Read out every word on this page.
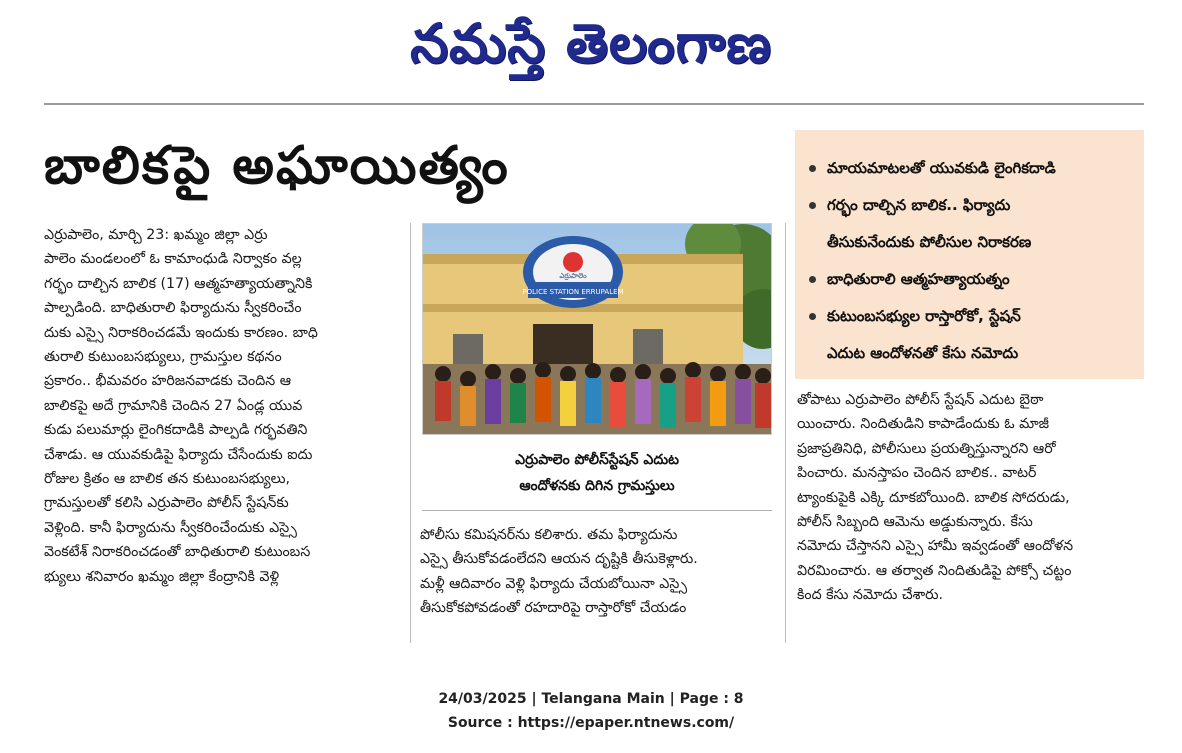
నమస్తే తెలంగాణ
బాలికపై అఘాయిత్యం	మాయమాటలతో యువకుడి లైంగికదాడి
గర్భం దాల్చిన బాలిక.. ఫిర్యాదు
తీసుకునేందుకు పోలీసుల నిరాకరణ
బాధితురాలి ఆత్మహత్యాయత్నం
కుటుంబసభ్యుల రాస్తారోకో, స్టేషన్
ఎదుట ఆందోళనతో కేసు నమోదు

ఎర్రుపాలెం, మార్చి 23: ఖమ్మం జిల్లా ఎర్రు

పాలెం మండలంలో ఓ కామాంధుడి నిర్వాకం వల్ల

గర్భం దాల్చిన బాలిక (17) ఆత్మహత్యాయత్నానికి

పాల్పడింది. బాధితురాలి ఫిర్యాదును స్వీకరించేం

దుకు ఎస్సై నిరాకరించడమే ఇందుకు కారణం. బాధి

తురాలి కుటుంబసభ్యులు, గ్రామస్తుల కథనం

ప్రకారం.. భీమవరం హరిజనవాడకు చెందిన ఆ

బాలికపై అదే గ్రామానికి చెందిన 27 ఏండ్ల యువ

కుడు పలుమార్లు లైంగికదాడికి పాల్పడి గర్భవతిని

చేశాడు. ఆ యువకుడిపై ఫిర్యాదు చేసేందుకు ఐదు

రోజుల క్రితం ఆ బాలిక తన కుటుంబసభ్యులు,

గ్రామస్తులతో కలిసి ఎర్రుపాలెం పోలీస్ స్టేషన్‌కు

వెళ్లింది. కానీ ఫిర్యాదును స్వీకరించేందుకు ఎస్సై

వెంకటేశ్ నిరాకరించడంతో బాధితురాలి కుటుంబస

భ్యులు శనివారం ఖమ్మం జిల్లా కేంద్రానికి వెళ్లి

POLICE STATION ERRUPALEM
ఎర్రుపాలెం

ఎర్రుపాలెం పోలీస్‌స్టేషన్ ఎదుట

ఆందోళనకు దిగిన గ్రామస్తులు

పోలీసు కమిషనర్‌ను కలిశారు. తమ ఫిర్యాదును

ఎస్సై తీసుకోవడంలేదని ఆయన దృష్టికి తీసుకెళ్లారు.

మళ్లీ ఆదివారం వెళ్లి ఫిర్యాదు చేయబోయినా ఎస్సై

తీసుకోకపోవడంతో రహదారిపై రాస్తారోకో చేయడం

తోపాటు ఎర్రుపాలెం పోలీస్ స్టేషన్ ఎదుట బైఠా

యించారు. నిందితుడిని కాపాడేందుకు ఓ మాజీ

ప్రజాప్రతినిధి, పోలీసులు ప్రయత్నిస్తున్నారని ఆరో

పించారు. మనస్తాపం చెందిన బాలిక.. వాటర్

ట్యాంకుపైకి ఎక్కి దూకబోయింది. బాలిక సోదరుడు,

పోలీస్ సిబ్బంది ఆమెను అడ్డుకున్నారు. కేసు

నమోదు చేస్తానని ఎస్సై హామీ ఇవ్వడంతో ఆందోళన

విరమించారు. ఆ తర్వాత నిందితుడిపై పోక్సో చట్టం

కింద కేసు నమోదు చేశారు.

24/03/2025 | Telangana Main | Page : 8

Source : https://epaper.ntnews.com/
